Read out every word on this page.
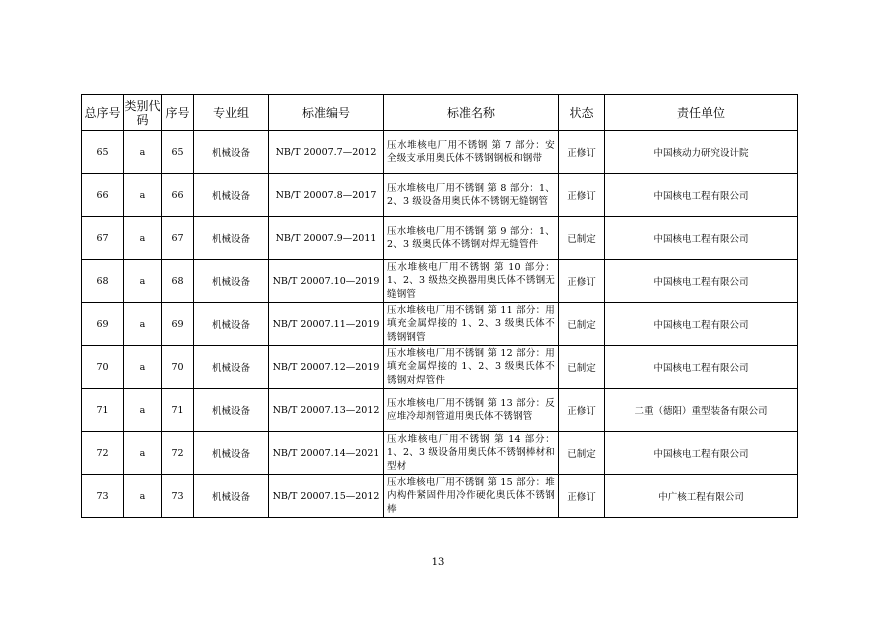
总序号	类别代码	序号	专业组	标准编号	标准名称	状态	责任单位
65	a	65	机械设备	NB/T 20007.7—2012	压水堆核电厂用不锈钢 第 7 部分：安全级支承用奥氏体不锈钢钢板和钢带	正修订	中国核动力研究设计院
66	a	66	机械设备	NB/T 20007.8—2017	压水堆核电厂用不锈钢 第 8 部分：1、2、3 级设备用奥氏体不锈钢无缝钢管	正修订	中国核电工程有限公司
67	a	67	机械设备	NB/T 20007.9—2011	压水堆核电厂用不锈钢 第 9 部分：1、2、3 级奥氏体不锈钢对焊无缝管件	已制定	中国核电工程有限公司
68	a	68	机械设备	NB/T 20007.10—2019	压水堆核电厂用不锈钢 第 10 部分：1、2、3 级热交换器用奥氏体不锈钢无缝钢管	正修订	中国核电工程有限公司
69	a	69	机械设备	NB/T 20007.11—2019	压水堆核电厂用不锈钢 第 11 部分：用填充金属焊接的 1、2、3 级奥氏体不锈钢钢管	已制定	中国核电工程有限公司
70	a	70	机械设备	NB/T 20007.12—2019	压水堆核电厂用不锈钢 第 12 部分：用填充金属焊接的 1、2、3 级奥氏体不锈钢对焊管件	已制定	中国核电工程有限公司
71	a	71	机械设备	NB/T 20007.13—2012	压水堆核电厂用不锈钢 第 13 部分：反应堆冷却剂管道用奥氏体不锈钢管	正修订	二重（德阳）重型装备有限公司
72	a	72	机械设备	NB/T 20007.14—2021	压水堆核电厂用不锈钢 第 14 部分：1、2、3 级设备用奥氏体不锈钢棒材和型材	已制定	中国核电工程有限公司
73	a	73	机械设备	NB/T 20007.15—2012	压水堆核电厂用不锈钢 第 15 部分：堆内构件紧固件用冷作硬化奥氏体不锈钢棒	正修订	中广核工程有限公司
13
